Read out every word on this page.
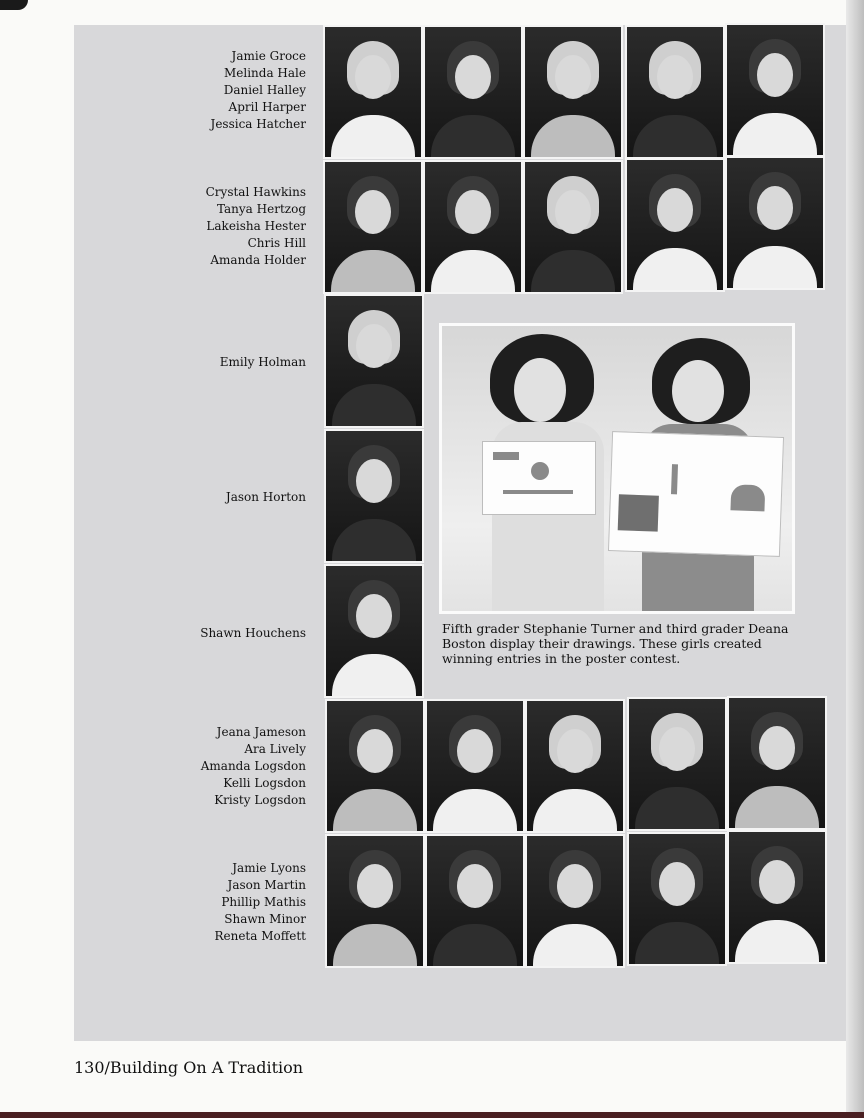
Jamie Groce
Melinda Hale
Daniel Halley
April Harper
Jessica Hatcher
Crystal Hawkins
Tanya Hertzog
Lakeisha Hester
Chris Hill
Amanda Holder
Emily Holman
Jason Horton
Shawn Houchens	Fifth grader Stephanie Turner and third grader Deana Boston display their drawings. These girls created winning entries in the poster contest.
Jeana Jameson
Ara Lively
Amanda Logsdon
Kelli Logsdon
Kristy Logsdon
Jamie Lyons
Jason Martin
Phillip Mathis
Shawn Minor
Reneta Moffett
130/Building On A Tradition
